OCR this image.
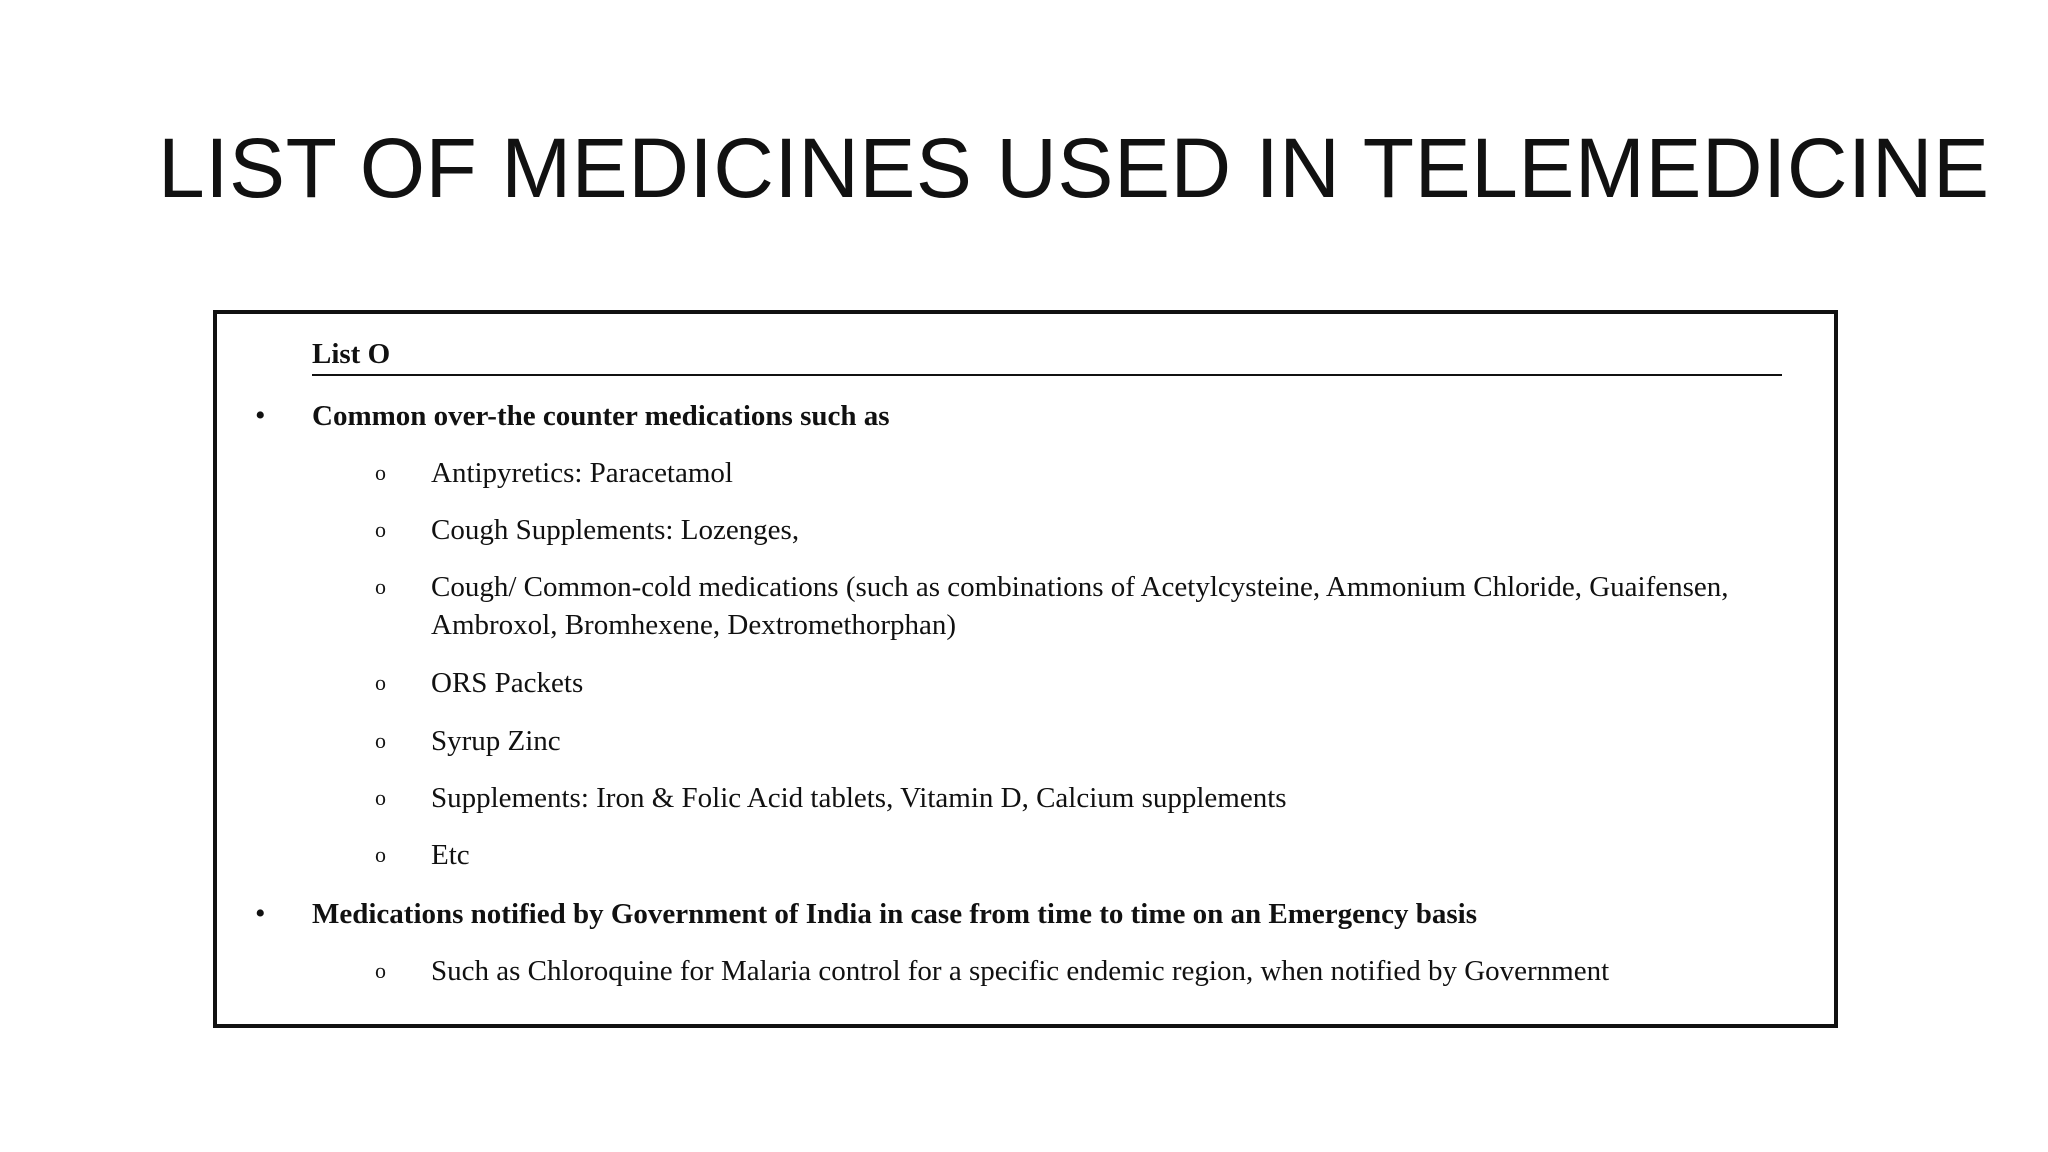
LIST OF MEDICINES USED IN TELEMEDICINE
List O
• Common over-the counter medications such as
o Antipyretics: Paracetamol
o Cough Supplements: Lozenges,
o Cough/ Common-cold medications (such as combinations of Acetylcysteine, Ammonium Chloride, Guaifensen, Ambroxol, Bromhexene, Dextromethorphan)
o ORS Packets
o Syrup Zinc
o Supplements: Iron & Folic Acid tablets, Vitamin D, Calcium supplements
o Etc
• Medications notified by Government of India in case from time to time on an Emergency basis
o Such as Chloroquine for Malaria control for a specific endemic region, when notified by Government
